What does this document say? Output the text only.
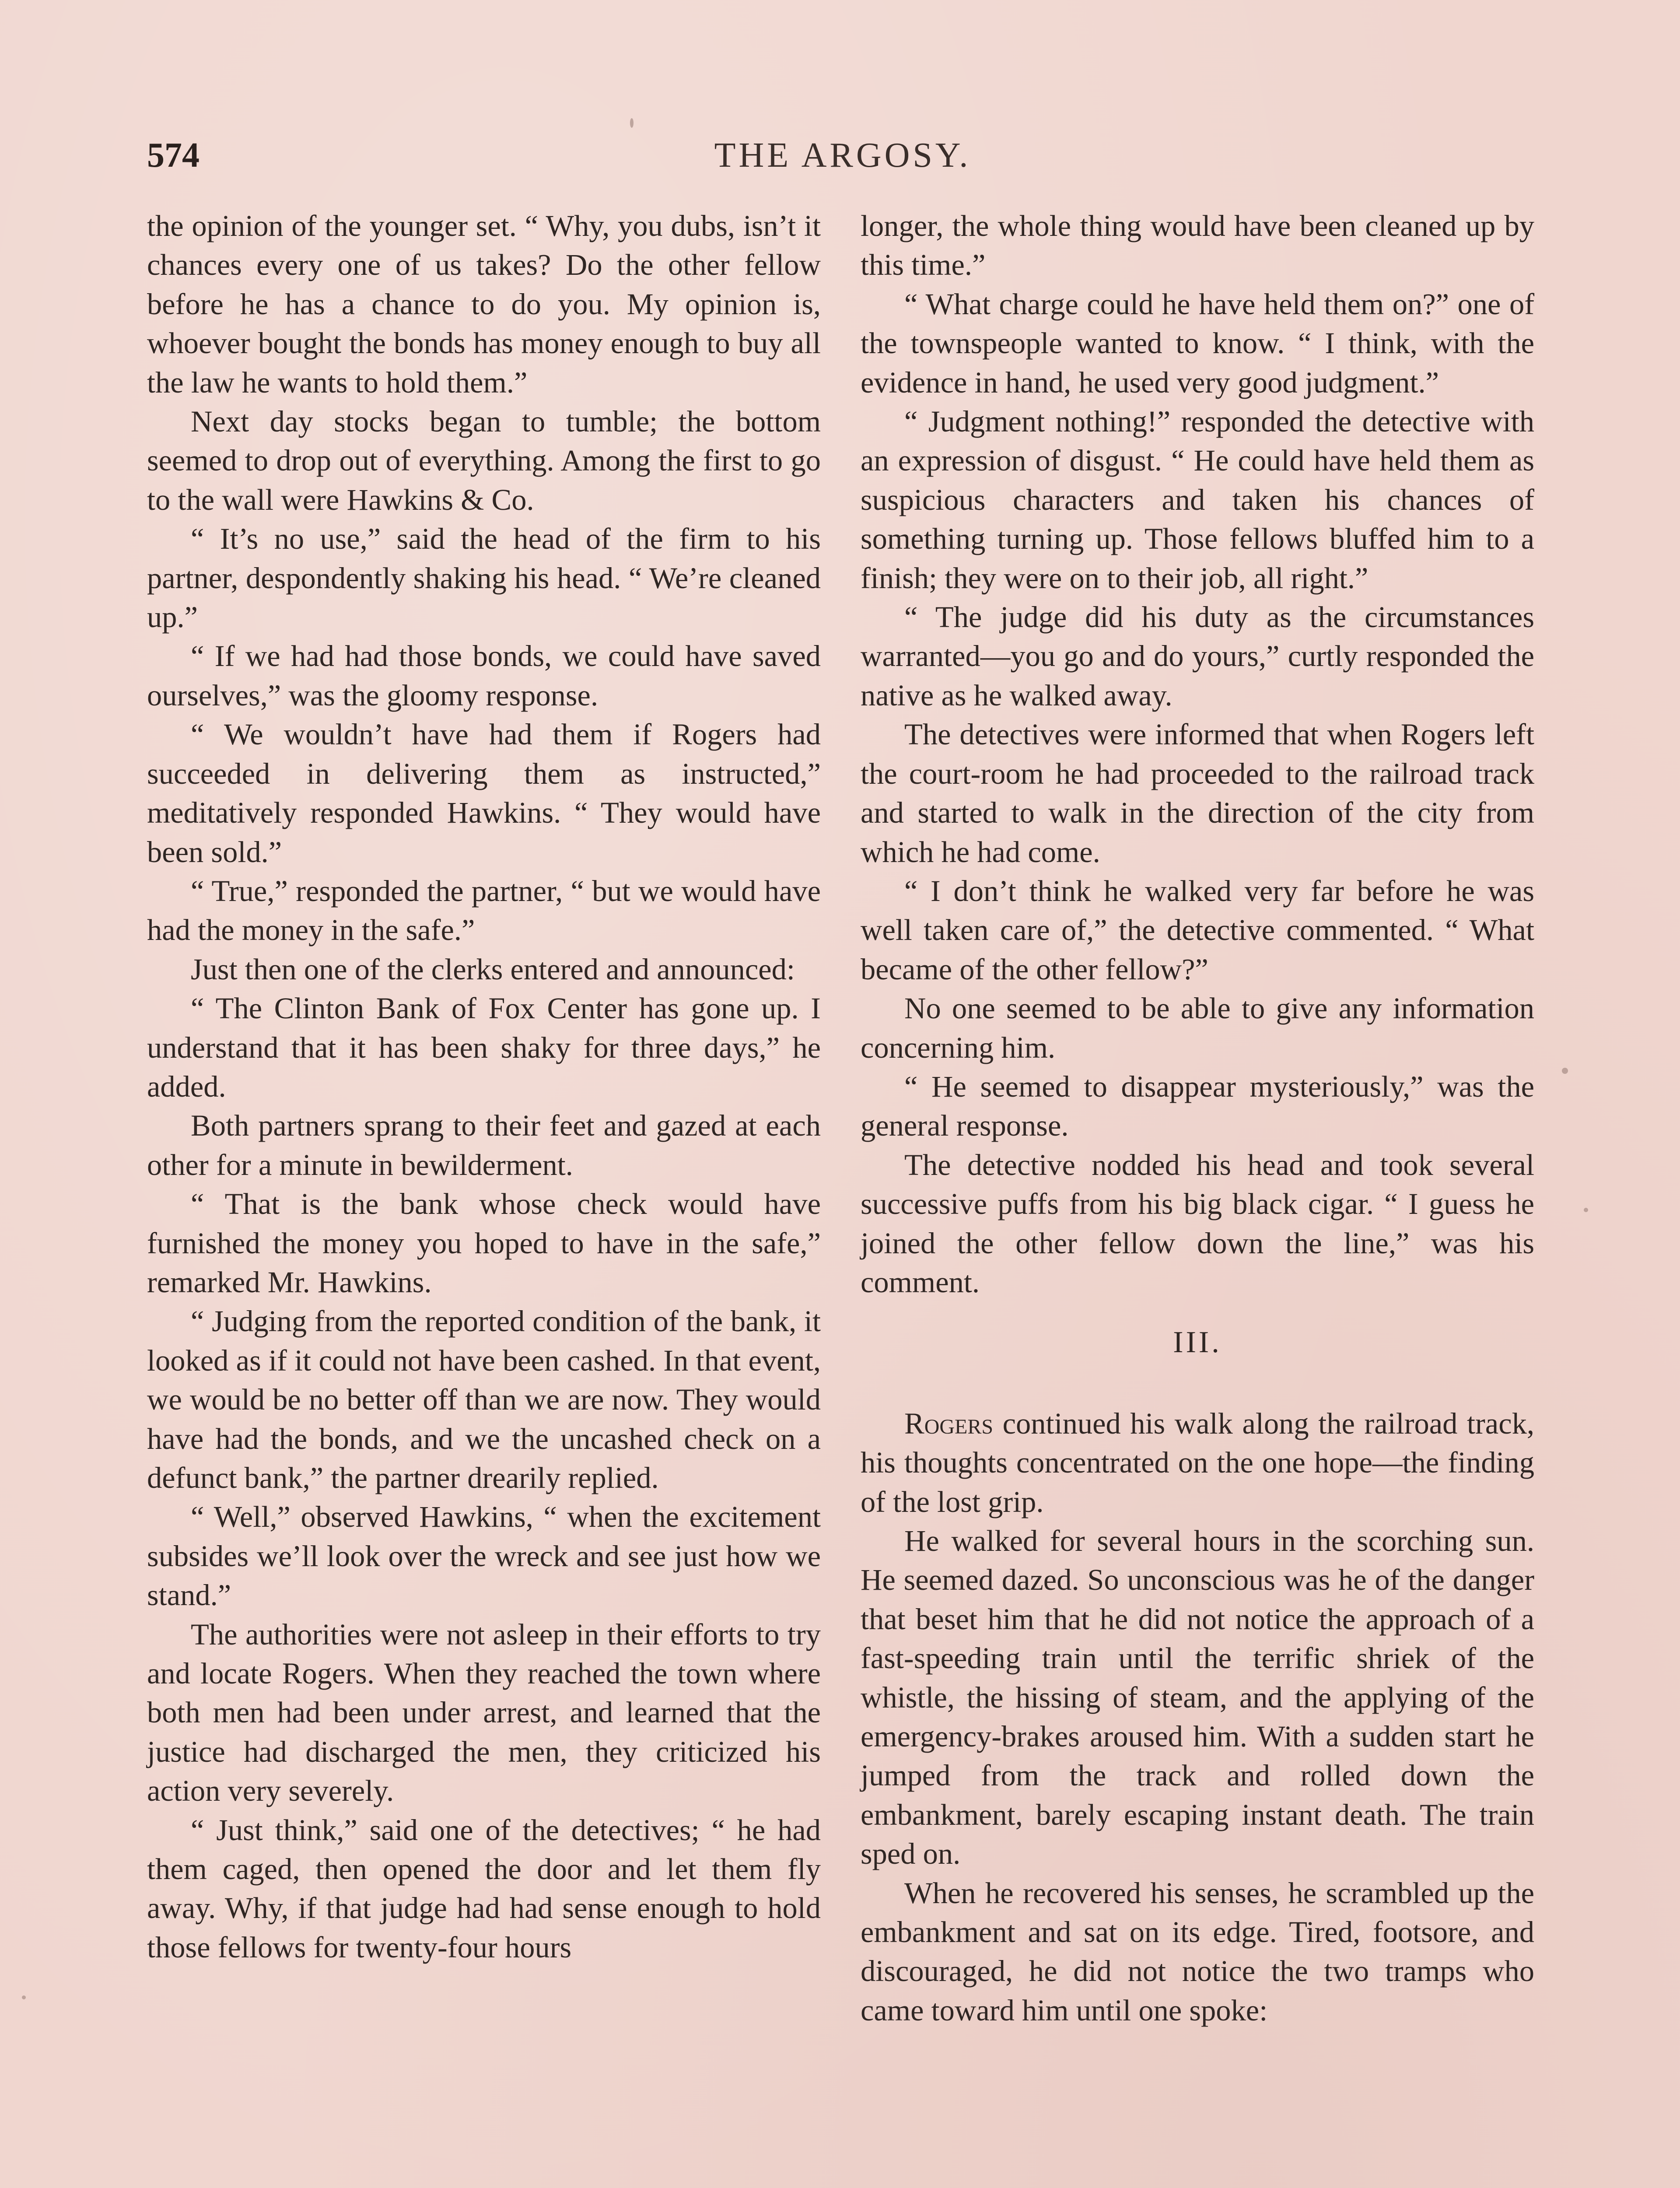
574	THE ARGOSY.

the opinion of the younger set. “ Why, you dubs, isn’t it chances every one of us takes? Do the other fellow before he has a chance to do you. My opinion is, whoever bought the bonds has money enough to buy all the law he wants to hold them.”

Next day stocks began to tumble; the bottom seemed to drop out of everything. Among the first to go to the wall were Hawkins & Co.

“ It’s no use,” said the head of the firm to his partner, despondently shaking his head. “ We’re cleaned up.”

“ If we had had those bonds, we could have saved ourselves,” was the gloomy response.

“ We wouldn’t have had them if Rogers had succeeded in delivering them as instructed,” meditatively responded Hawkins. “ They would have been sold.”

“ True,” responded the partner, “ but we would have had the money in the safe.”

Just then one of the clerks entered and announced:

“ The Clinton Bank of Fox Center has gone up. I understand that it has been shaky for three days,” he added.

Both partners sprang to their feet and gazed at each other for a minute in bewilderment.

“ That is the bank whose check would have furnished the money you hoped to have in the safe,” remarked Mr. Hawkins.

“ Judging from the reported condition of the bank, it looked as if it could not have been cashed. In that event, we would be no better off than we are now. They would have had the bonds, and we the uncashed check on a defunct bank,” the partner drearily replied.

“ Well,” observed Hawkins, “ when the excitement subsides we’ll look over the wreck and see just how we stand.”

The authorities were not asleep in their efforts to try and locate Rogers. When they reached the town where both men had been under arrest, and learned that the justice had discharged the men, they criticized his action very severely.

“ Just think,” said one of the detectives; “ he had them caged, then opened the door and let them fly away. Why, if that judge had had sense enough to hold those fellows for twenty-four hours

longer, the whole thing would have been cleaned up by this time.”

“ What charge could he have held them on?” one of the townspeople wanted to know. “ I think, with the evidence in hand, he used very good judgment.”

“ Judgment nothing!” responded the detective with an expression of disgust. “ He could have held them as suspicious characters and taken his chances of something turning up. Those fellows bluffed him to a finish; they were on to their job, all right.”

“ The judge did his duty as the circumstances warranted—you go and do yours,” curtly responded the native as he walked away.

The detectives were informed that when Rogers left the court-room he had proceeded to the railroad track and started to walk in the direction of the city from which he had come.

“ I don’t think he walked very far before he was well taken care of,” the detective commented. “ What became of the other fellow?”

No one seemed to be able to give any information concerning him.

“ He seemed to disappear mysteriously,” was the general response.

The detective nodded his head and took several successive puffs from his big black cigar. “ I guess he joined the other fellow down the line,” was his comment.

III.

Rogers continued his walk along the railroad track, his thoughts concentrated on the one hope—the finding of the lost grip.

He walked for several hours in the scorching sun. He seemed dazed. So unconscious was he of the danger that beset him that he did not notice the approach of a fast-speeding train until the terrific shriek of the whistle, the hissing of steam, and the applying of the emergency-brakes aroused him. With a sudden start he jumped from the track and rolled down the embankment, barely escaping instant death. The train sped on.

When he recovered his senses, he scrambled up the embankment and sat on its edge. Tired, footsore, and discouraged, he did not notice the two tramps who came toward him until one spoke:
